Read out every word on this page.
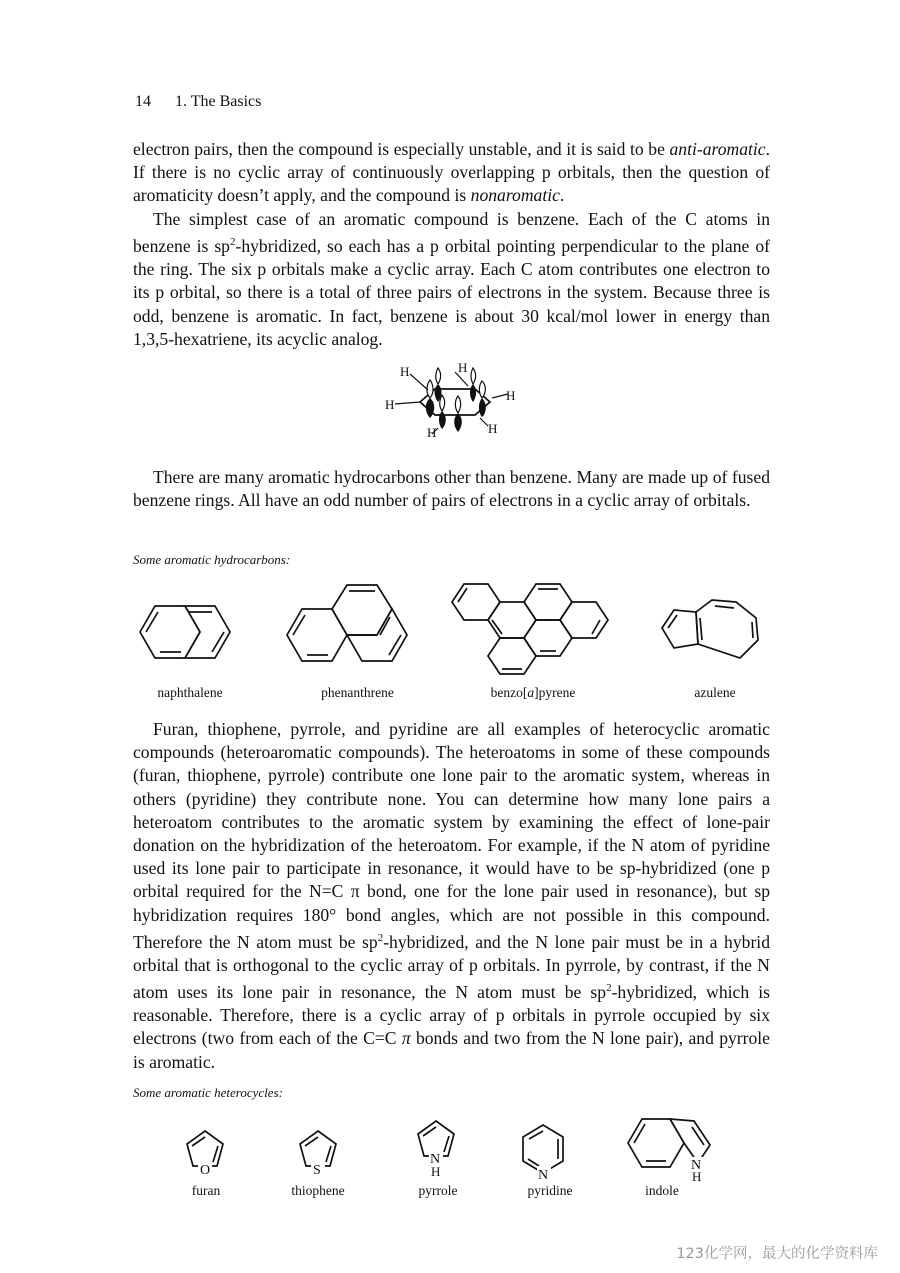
14 1. The Basics

electron pairs, then the compound is especially unstable, and it is said to be anti-aromatic. If there is no cyclic array of continuously overlapping p orbitals, then the question of aromaticity doesn’t apply, and the compound is nonaromatic.

The simplest case of an aromatic compound is benzene. Each of the C atoms in benzene is $sp^2$-hybridized, so each has a p orbital pointing perpendicular to the plane of the ring. The six p orbitals make a cyclic array. Each C atom contributes one electron to its p orbital, so there is a total of three pairs of electrons in the system. Because three is odd, benzene is aromatic. In fact, benzene is about 30 kcal/mol lower in energy than 1,3,5-hexatriene, its acyclic analog.

H	H
H
H
H	H

There are many aromatic hydrocarbons other than benzene. Many are made up of fused benzene rings. All have an odd number of pairs of electrons in a cyclic array of orbitals.

Some aromatic hydrocarbons:
naphthalene	phenanthrene	benzo[a]pyrene	azulene

Furan, thiophene, pyrrole, and pyridine are all examples of heterocyclic aromatic compounds (heteroaromatic compounds). The heteroatoms in some of these compounds (furan, thiophene, pyrrole) contribute one lone pair to the aromatic system, whereas in others (pyridine) they contribute none. You can determine how many lone pairs a heteroatom contributes to the aromatic system by examining the effect of lone-pair donation on the hybridization of the heteroatom. For example, if the N atom of pyridine used its lone pair to participate in resonance, it would have to be sp-hybridized (one p orbital required for the N=C π bond, one for the lone pair used in resonance), but sp hybridization requires 180° bond angles, which are not possible in this compound. Therefore the N atom must be $sp^2$-hybridized, and the N lone pair must be in a hybrid orbital that is orthogonal to the cyclic array of p orbitals. In pyrrole, by contrast, if the N atom uses its lone pair in resonance, the N atom must be $sp^2$-hybridized, which is reasonable. Therefore, there is a cyclic array of p orbitals in pyrrole occupied by six electrons (two from each of the C=C π bonds and two from the N lone pair), and pyrrole is aromatic.

Some aromatic heterocycles:
O
furan
S
thiophene
N
H
pyrrole
N
pyridine
N
H
indole
123化学网，最大的化学资料库
